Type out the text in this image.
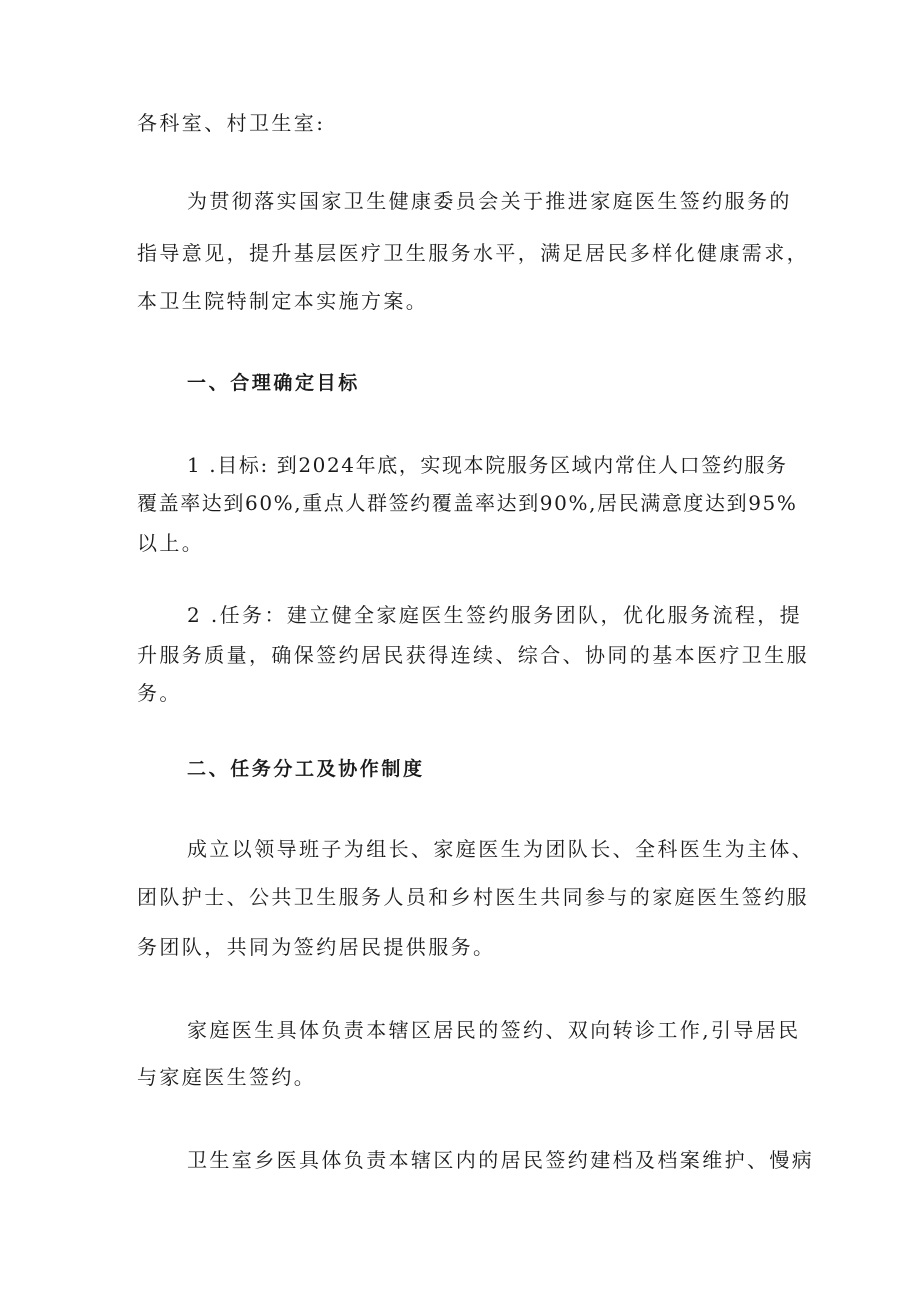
各科室、村卫生室:
为贯彻落实国家卫生健康委员会关于推进家庭医生签约服务的
指导意见，提升基层医疗卫生服务水平，满足居民多样化健康需求，
本卫生院特制定本实施方案。
一、合理确定目标
1 .目标: 到2024年底，实现本院服务区域内常住人口签约服务
覆盖率达到60%,重点人群签约覆盖率达到90%,居民满意度达到95%
以上。
2 .任务：建立健全家庭医生签约服务团队，优化服务流程，提
升服务质量，确保签约居民获得连续、综合、协同的基本医疗卫生服
务。
二、任务分工及协作制度
成立以领导班子为组长、家庭医生为团队长、全科医生为主体、
团队护士、公共卫生服务人员和乡村医生共同参与的家庭医生签约服
务团队，共同为签约居民提供服务。
家庭医生具体负责本辖区居民的签约、双向转诊工作,引导居民
与家庭医生签约。
卫生室乡医具体负责本辖区内的居民签约建档及档案维护、慢病
